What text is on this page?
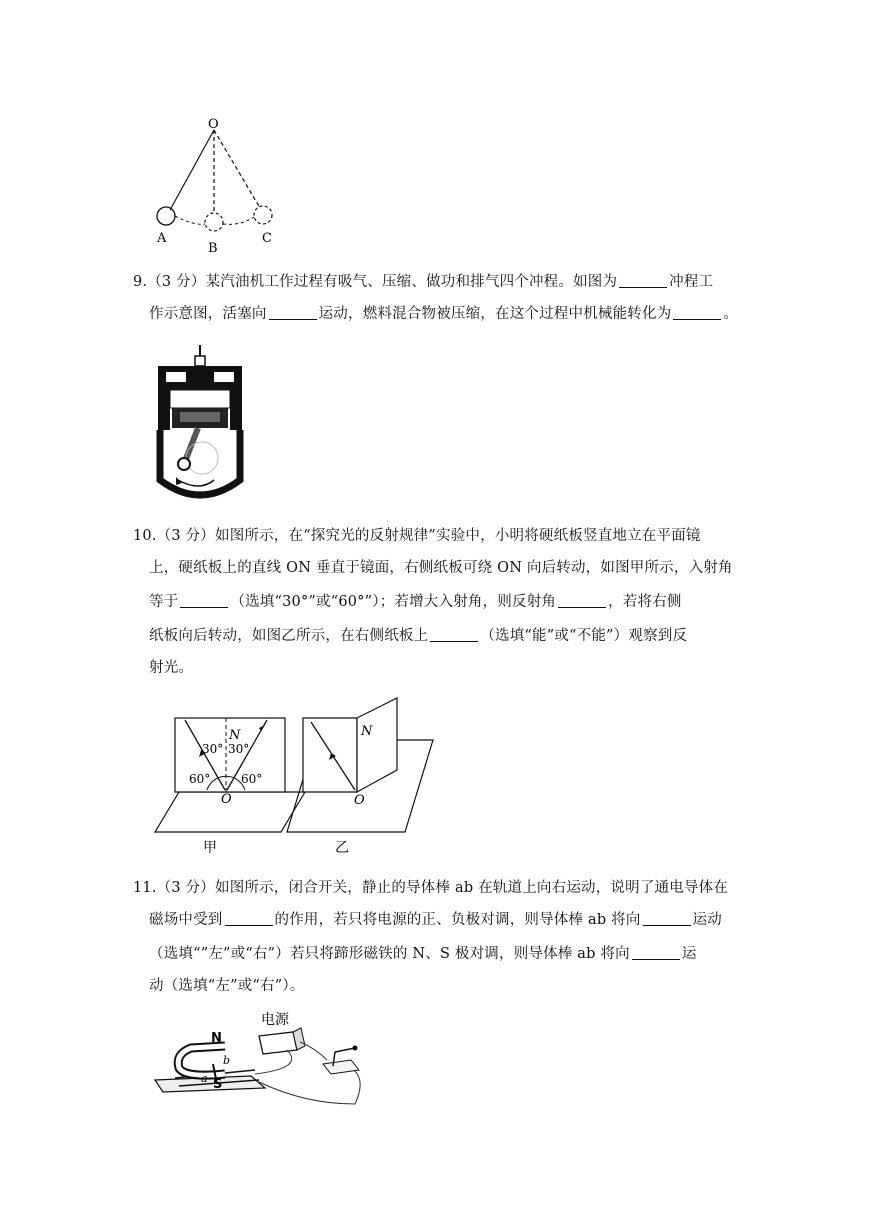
O
A
B
C
9.（3 分）某汽油机工作过程有吸气、压缩、做功和排气四个冲程。如图为	冲程工
作示意图，活塞向	运动，燃料混合物被压缩，在这个过程中机械能转化为	。
10.（3 分）如图所示，在“探究光的反射规律”实验中，小明将硬纸板竖直地立在平面镜
上，硬纸板上的直线 ON 垂直于镜面，右侧纸板可绕 ON 向后转动，如图甲所示，入射角
等于	（选填“30°”或“60°”）；若增大入射角，则反射角	，若将右侧
纸板向后转动，如图乙所示，在右侧纸板上	（选填“能”或“不能”）观察到反
射光。
N
30° 30°
60°	60°
O
甲
N
O
乙
11.（3 分）如图所示，闭合开关，静止的导体棒 ab 在轨道上向右运动，说明了通电导体在
磁场中受到	的作用，若只将电源的正、负极对调，则导体棒 ab 将向	运动
（选填“”左”或“右”）若只将蹄形磁铁的 N、S 极对调，则导体棒 ab 将向	运
动（选填“左”或“右”）。
电源
N
S
b
a
